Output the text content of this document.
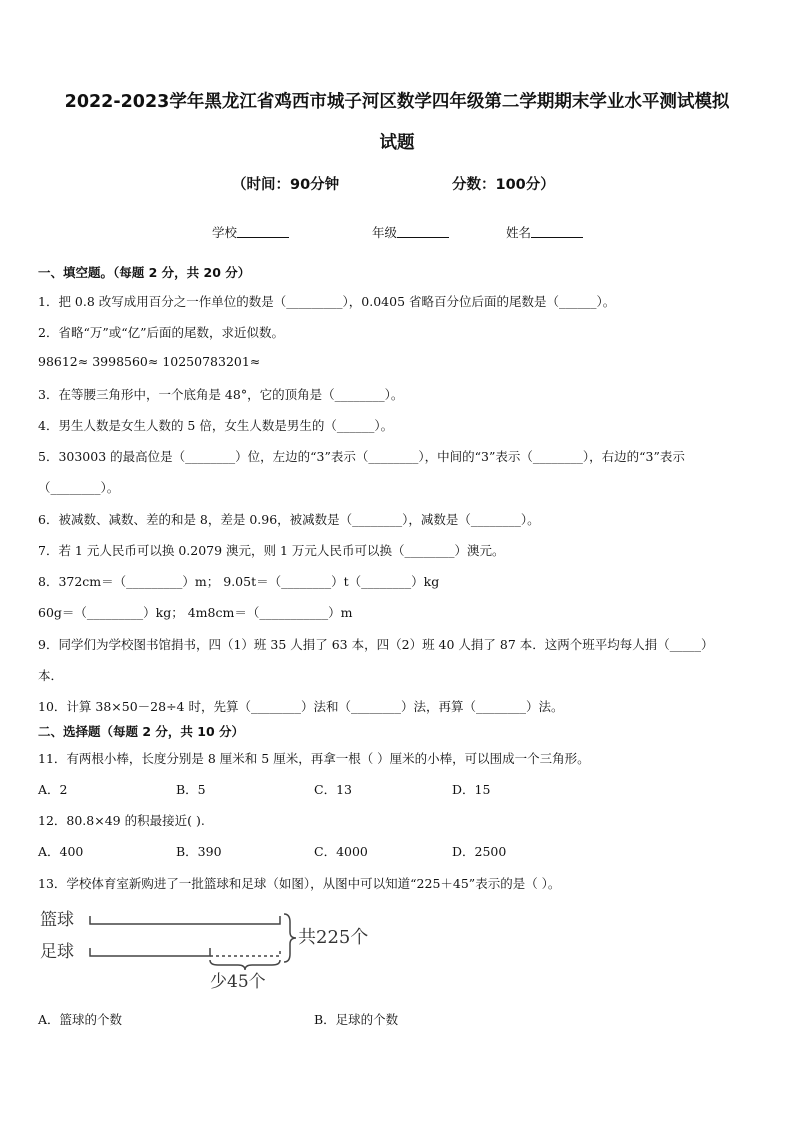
2022-2023学年黑龙江省鸡西市城子河区数学四年级第二学期期末学业水平测试模拟
试题
（时间：90分钟	分数：100分）
学校	年级	姓名
一、填空题。（每题 2 分，共 20 分）
1．把 0.8 改写成用百分之一作单位的数是（_________），0.0405 省略百分位后面的尾数是（______）。
2．省略“万”或“亿”后面的尾数，求近似数。
98612≈ 3998560≈ 10250783201≈
3．在等腰三角形中，一个底角是 48°，它的顶角是（________）。
4．男生人数是女生人数的 5 倍，女生人数是男生的（______）。
5．303003 的最高位是（________）位，左边的“3”表示（________），中间的“3”表示（________），右边的“3”表示
（________）。
6．被减数、减数、差的和是 8，差是 0.96，被减数是（________），减数是（________）。
7．若 1 元人民币可以换 0.2079 澳元，则 1 万元人民币可以换（________）澳元。
8．372cm＝（_________）m； 9.05t＝（________）t（________）kg
60g＝（_________）kg； 4m8cm＝（___________）m
9．同学们为学校图书馆捐书，四（1）班 35 人捐了 63 本，四（2）班 40 人捐了 87 本．这两个班平均每人捐（_____）
本．
10．计算 38×50－28÷4 时，先算（________）法和（________）法，再算（________）法。
二、选择题（每题 2 分，共 10 分）
11．有两根小棒，长度分别是 8 厘米和 5 厘米，再拿一根（ ）厘米的小棒，可以围成一个三角形。
A．2	B．5	C．13	D．15
12．80.8×49 的积最接近( ).
A．400	B．390	C．4000	D．2500
13．学校体育室新购进了一批篮球和足球（如图），从图中可以知道“225＋45”表示的是（ ）。
篮球
足球
共225个
少45个
A．篮球的个数	B．足球的个数
